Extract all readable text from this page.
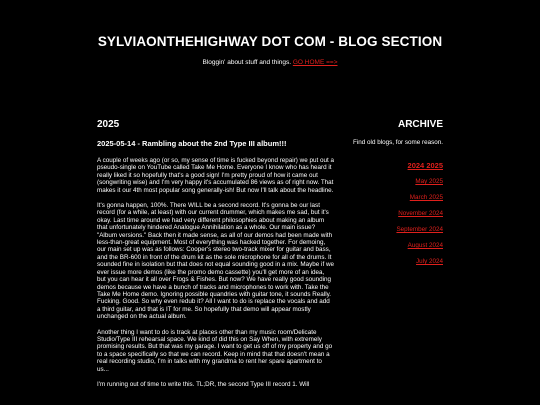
SYLVIAONTHEHIGHWAY DOT COM - BLOG SECTION
Bloggin' about stuff and things. GO HOME ==>
2025
2025-05-14 - Rambling about the 2nd Type III album!!!

A couple of weeks ago (or so, my sense of time is fucked beyond repair) we put out a pseudo-single on YouTube called Take Me Home. Everyone I know who has heard it really liked it so hopefully that's a good sign! I'm pretty proud of how it came out (songwriting wise) and I'm very happy it's accumulated 86 views as of right now. That makes it our 4th most popular song generally-ish! But now I'll talk about the headline.

It's gonna happen, 100%. There WILL be a second record. It's gonna be our last record (for a while, at least) with our current drummer, which makes me sad, but it's okay. Last time around we had very different philosophies about making an album that unfortunately hindered Analogue Annihilation as a whole. Our main issue? "Album versions." Back then it made sense, as all of our demos had been made with less-than-great equipment. Most of everything was hacked together. For demoing, our main set up was as follows: Cooper's stereo two-track mixer for guitar and bass, and the BR-600 in front of the drum kit as the sole microphone for all of the drums. It sounded fine in isolation but that does not equal sounding good in a mix. Maybe if we ever issue more demos (like the promo demo cassette) you'll get more of an idea, but you can hear it all over Frogs & Fishes. But now? We have really good sounding demos because we have a bunch of tracks and microphones to work with. Take the Take Me Home demo. Ignoring possible quandries with guitar tone, it sounds Really. Fucking. Good. So why even redub it? All I want to do is replace the vocals and add a third guitar, and that is IT for me. So hopefully that demo will appear mostly unchanged on the actual album.

Another thing I want to do is track at places other than my music room/Delicate Studio/Type III rehearsal space. We kind of did this on Say When, with extremely promising results. But that was my garage. I want to get us off of my property and go to a space specifically so that we can record. Keep in mind that that doesn't mean a real recording studio, I'm in talks with my grandma to rent her spare apartment to us...

I'm running out of time to write this. TL;DR, the second Type III record 1. Will

ARCHIVE
Find old blogs, for some reason.
2024 2025
May 2025
March 2025
November 2024
September 2024
August 2024
July 2024
